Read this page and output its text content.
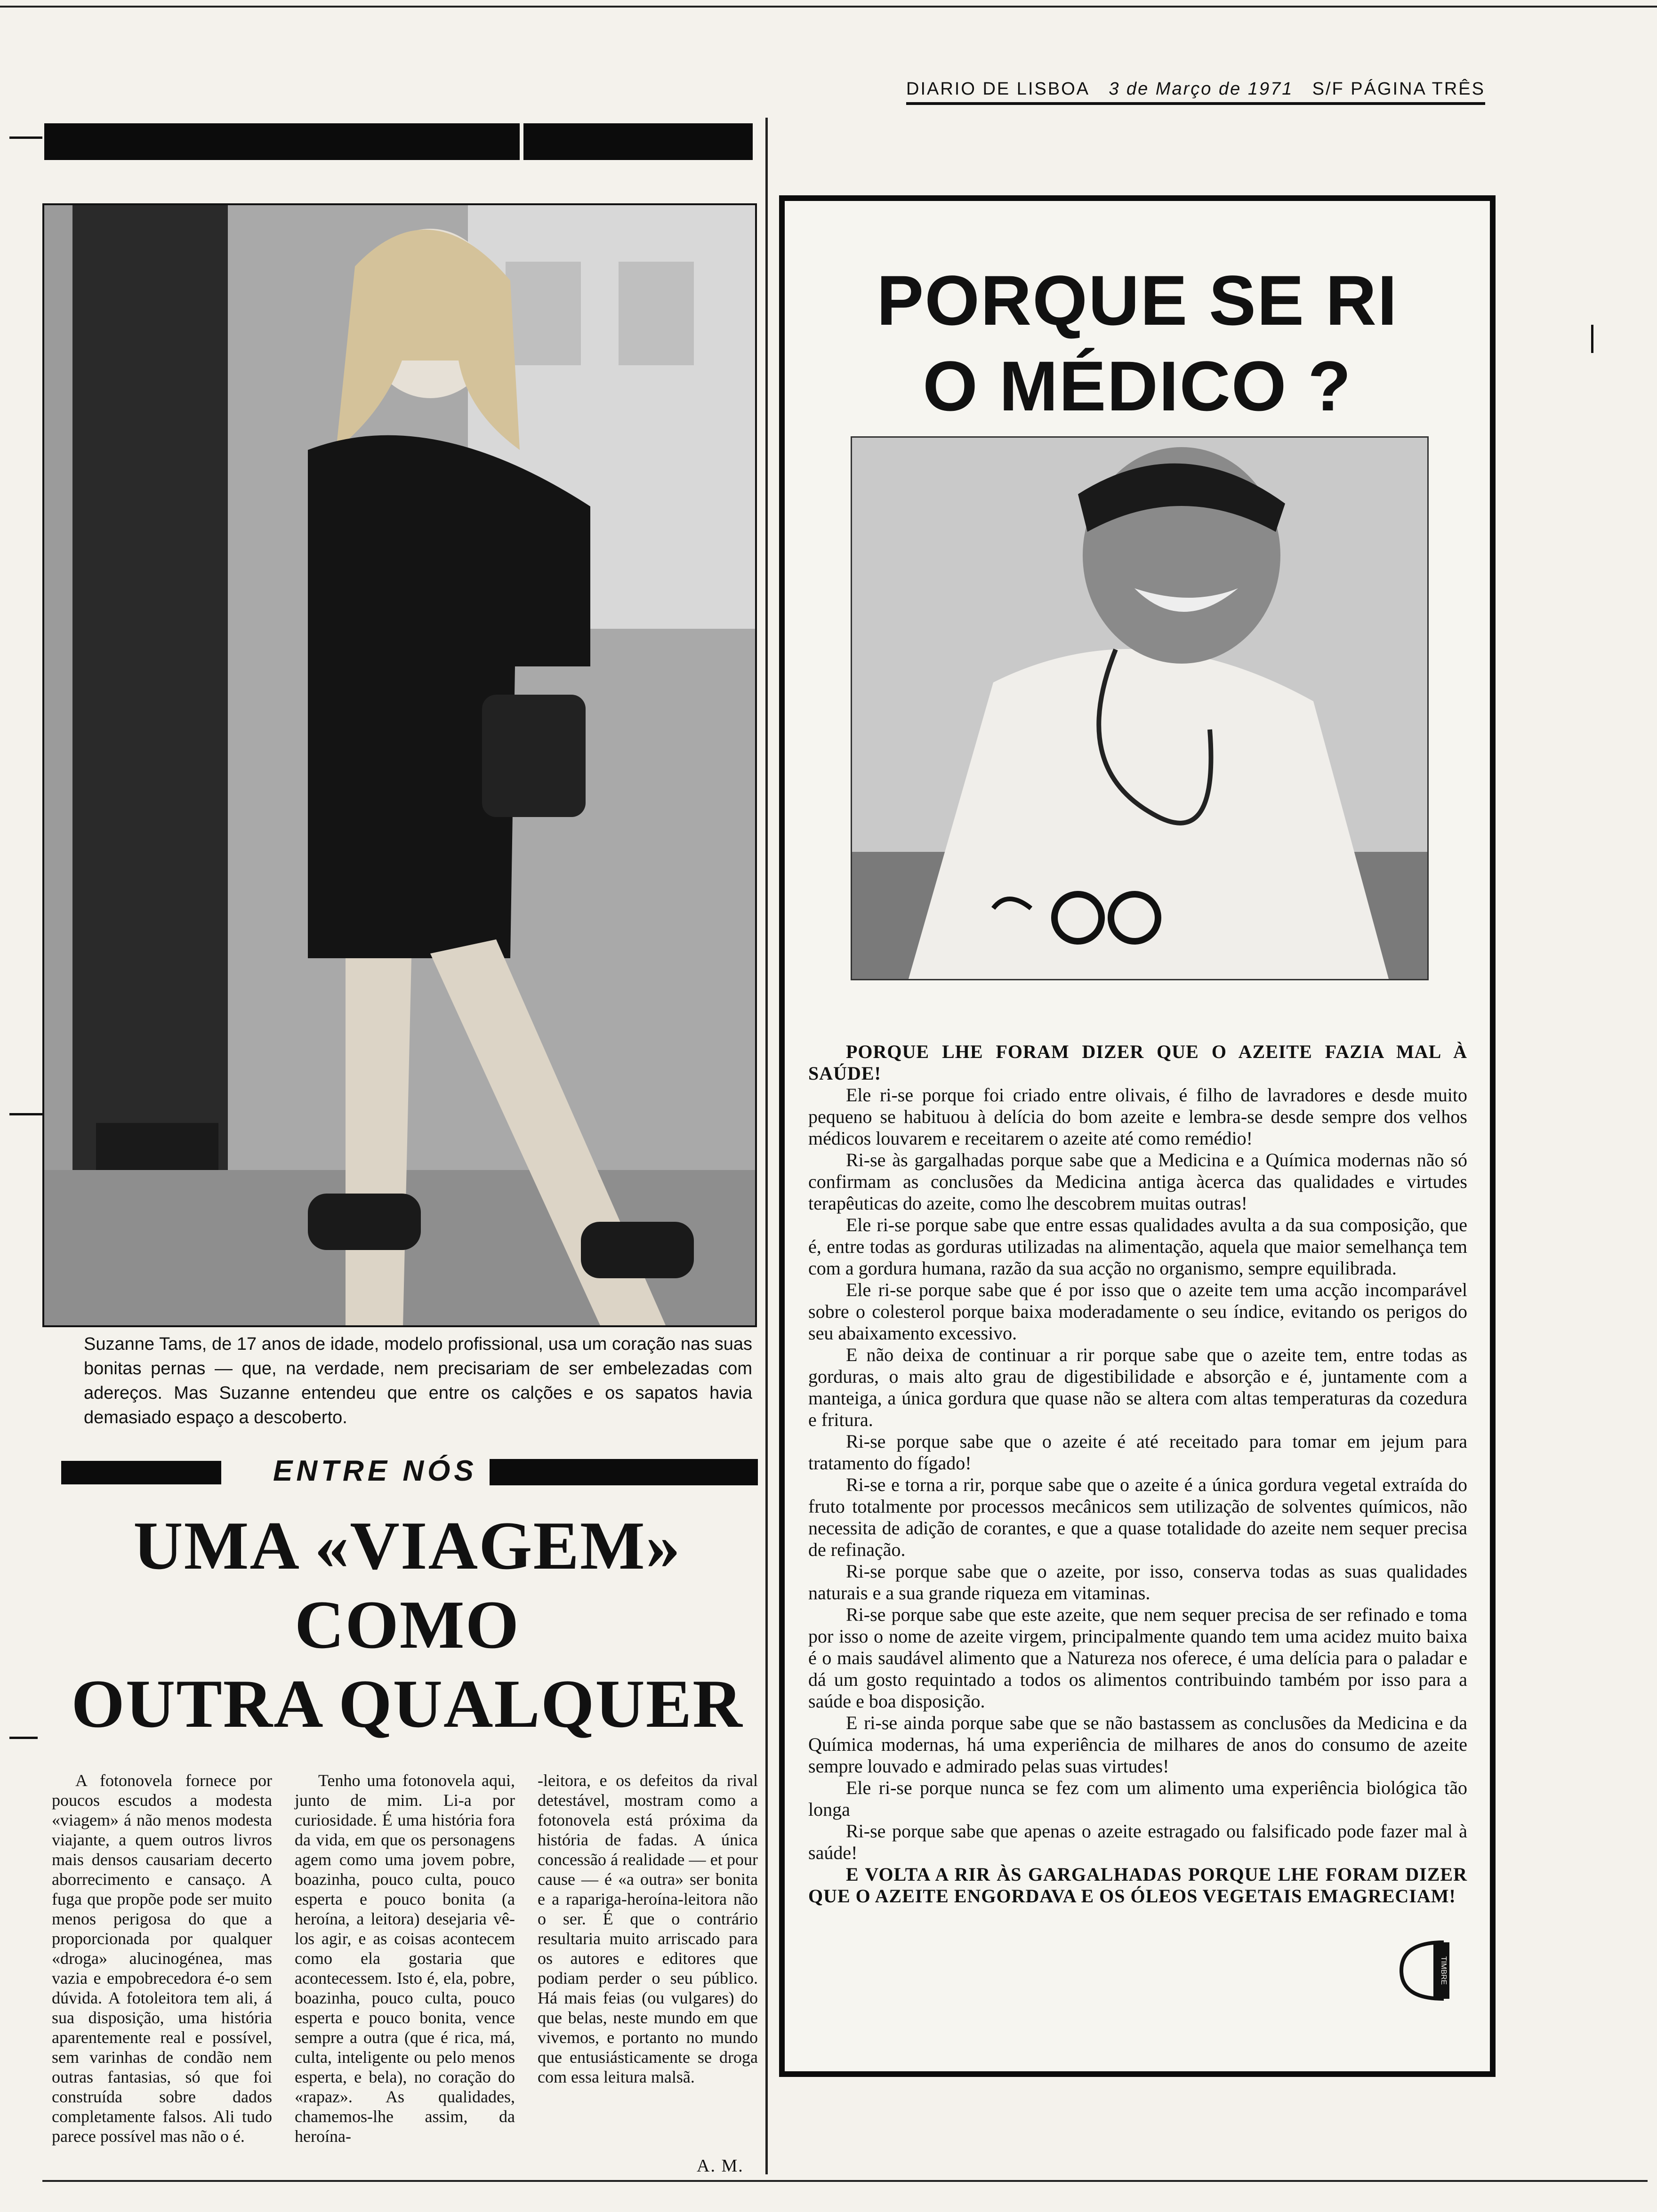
DIARIO DE LISBOA 3 de Março de 1971 S/F PÁGINA TRÊS
Suzanne Tams, de 17 anos de idade, modelo profissional, usa um coração nas suas bonitas pernas — que, na verdade, nem precisariam de ser embelezadas com adereços. Mas Suzanne entendeu que entre os calções e os sapatos havia demasiado espaço a descoberto.
ENTRE NÓS
UMA «VIAGEM»
COMO
OUTRA QUALQUER

A fotonovela fornece por poucos escudos a modesta «viagem» á não menos modesta viajante, a quem outros livros mais densos causariam decerto aborrecimento e cansaço. A fuga que propõe pode ser muito menos perigosa do que a proporcionada por qualquer «droga» alucinogénea, mas vazia e empobrecedora é-o sem dúvida. A fotoleitora tem ali, á sua disposição, uma história aparentemente real e possível, sem varinhas de condão nem outras fantasias, só que foi construída sobre dados completamente falsos. Ali tudo parece possível mas não o é.

Tenho uma fotonovela aqui, junto de mim. Li-a por curiosidade. É uma história fora da vida, em que os personagens agem como uma jovem pobre, boazinha, pouco culta, pouco esperta e pouco bonita (a heroína, a leitora) desejaria vê-los agir, e as coisas acontecem como ela gostaria que acontecessem. Isto é, ela, pobre, boazinha, pouco culta, pouco esperta e pouco bonita, vence sempre a outra (que é rica, má, culta, inteligente ou pelo menos esperta, e bela), no coração do «rapaz». As qualidades, chamemos-lhe assim, da heroína-

-leitora, e os defeitos da rival detestável, mostram como a fotonovela está próxima da história de fadas. A única concessão á realidade — et pour cause — é «a outra» ser bonita e a rapariga-heroína-leitora não o ser. É que o contrário resultaria muito arriscado para os autores e editores que podiam perder o seu público. Há mais feias (ou vulgares) do que belas, neste mundo em que vivemos, e portanto no mundo que entusiásticamente se droga com essa leitura malsã.

A. M.
PORQUE SE RI
O MÉDICO ?

PORQUE LHE FORAM DIZER QUE O AZEITE FAZIA MAL À SAÚDE!

Ele ri-se porque foi criado entre olivais, é filho de lavradores e desde muito pequeno se habituou à delícia do bom azeite e lembra-se desde sempre dos velhos médicos louvarem e receitarem o azeite até como remédio!

Ri-se às gargalhadas porque sabe que a Medicina e a Química modernas não só confirmam as conclusões da Medicina antiga àcerca das qualidades e virtudes terapêuticas do azeite, como lhe descobrem muitas outras!

Ele ri-se porque sabe que entre essas qualidades avulta a da sua composição, que é, entre todas as gorduras utilizadas na alimentação, aquela que maior semelhança tem com a gordura humana, razão da sua acção no organismo, sempre equilibrada.

Ele ri-se porque sabe que é por isso que o azeite tem uma acção incomparável sobre o colesterol porque baixa moderadamente o seu índice, evitando os perigos do seu abaixamento excessivo.

E não deixa de continuar a rir porque sabe que o azeite tem, entre todas as gorduras, o mais alto grau de digestibilidade e absorção e é, juntamente com a manteiga, a única gordura que quase não se altera com altas temperaturas da cozedura e fritura.

Ri-se porque sabe que o azeite é até receitado para tomar em jejum para tratamento do fígado!

Ri-se e torna a rir, porque sabe que o azeite é a única gordura vegetal extraída do fruto totalmente por processos mecânicos sem utilização de solventes químicos, não necessita de adição de corantes, e que a quase totalidade do azeite nem sequer precisa de refinação.

Ri-se porque sabe que o azeite, por isso, conserva todas as suas qualidades naturais e a sua grande riqueza em vitaminas.

Ri-se porque sabe que este azeite, que nem sequer precisa de ser refinado e toma por isso o nome de azeite virgem, principalmente quando tem uma acidez muito baixa é o mais saudável alimento que a Natureza nos oferece, é uma delícia para o paladar e dá um gosto requintado a todos os alimentos contribuindo também por isso para a saúde e boa disposição.

E ri-se ainda porque sabe que se não bastassem as conclusões da Medicina e da Química modernas, há uma experiência de milhares de anos do consumo de azeite sempre louvado e admirado pelas suas virtudes!

Ele ri-se porque nunca se fez com um alimento uma experiência biológica tão longa

Ri-se porque sabe que apenas o azeite estragado ou falsificado pode fazer mal à saúde!

E VOLTA A RIR ÀS GARGALHADAS PORQUE LHE FORAM DIZER QUE O AZEITE ENGORDAVA E OS ÓLEOS VEGETAIS EMAGRECIAM!

TIMBRE
